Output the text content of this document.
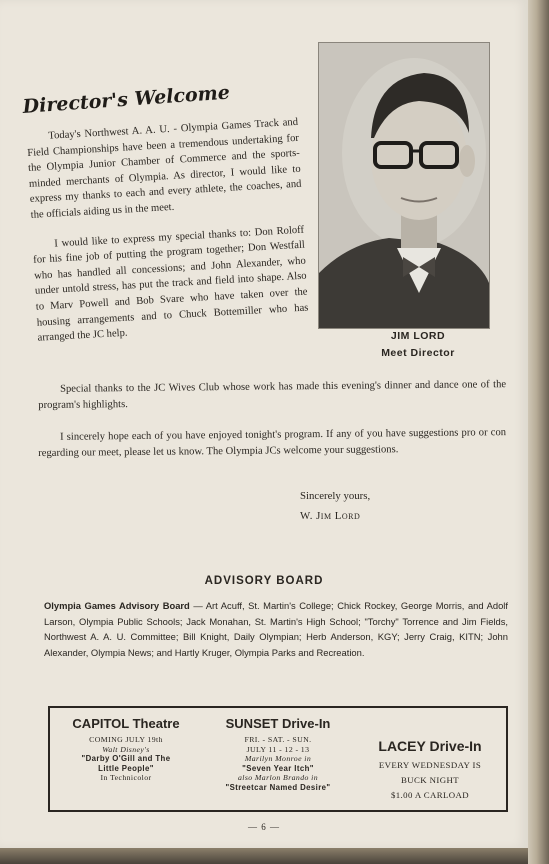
Director's Welcome

Today's Northwest A. A. U. - Olympia Games Track and Field Championships have been a tremendous undertaking for the Olympia Junior Chamber of Commerce and the sports-minded merchants of Olympia. As director, I would like to express my thanks to each and every athlete, the coaches, and the officials aiding us in the meet.

I would like to express my special thanks to: Don Roloff for his fine job of putting the program together; Don Westfall who has handled all concessions; and John Alexander, who under untold stress, has put the track and field into shape. Also to Marv Powell and Bob Svare who have taken over the housing arrangements and to Chuck Bottemiller who has arranged the JC help.	JIM LORD
Meet Director

Special thanks to the JC Wives Club whose work has made this evening's dinner and dance one of the program's highlights.

I sincerely hope each of you have enjoyed tonight's program. If any of you have suggestions pro or con regarding our meet, please let us know. The Olympia JCs welcome your suggestions.

Sincerely yours,
W. Jim Lord
ADVISORY BOARD
Olympia Games Advisory Board — Art Acuff, St. Martin's College; Chick Rockey, George Morris, and Adolf Larson, Olympia Public Schools; Jack Monahan, St. Martin's High School; "Torchy" Torrence and Jim Fields, Northwest A. A. U. Committee; Bill Knight, Daily Olympian; Herb Anderson, KGY; Jerry Craig, KITN; John Alexander, Olympia News; and Hartly Kruger, Olympia Parks and Recreation.
CAPITOL Theatre
COMING JULY 19th
Walt Disney's
"Darby O'Gill and The
Little People"
In Technicolor
SUNSET Drive-In
FRI. - SAT. - SUN.
JULY 11 - 12 - 13
Marilyn Monroe in
"Seven Year Itch"
also Marlon Brando in
"Streetcar Named Desire"
LACEY Drive-In
EVERY WEDNESDAY IS
BUCK NIGHT
$1.00 A CARLOAD
— 6 —
